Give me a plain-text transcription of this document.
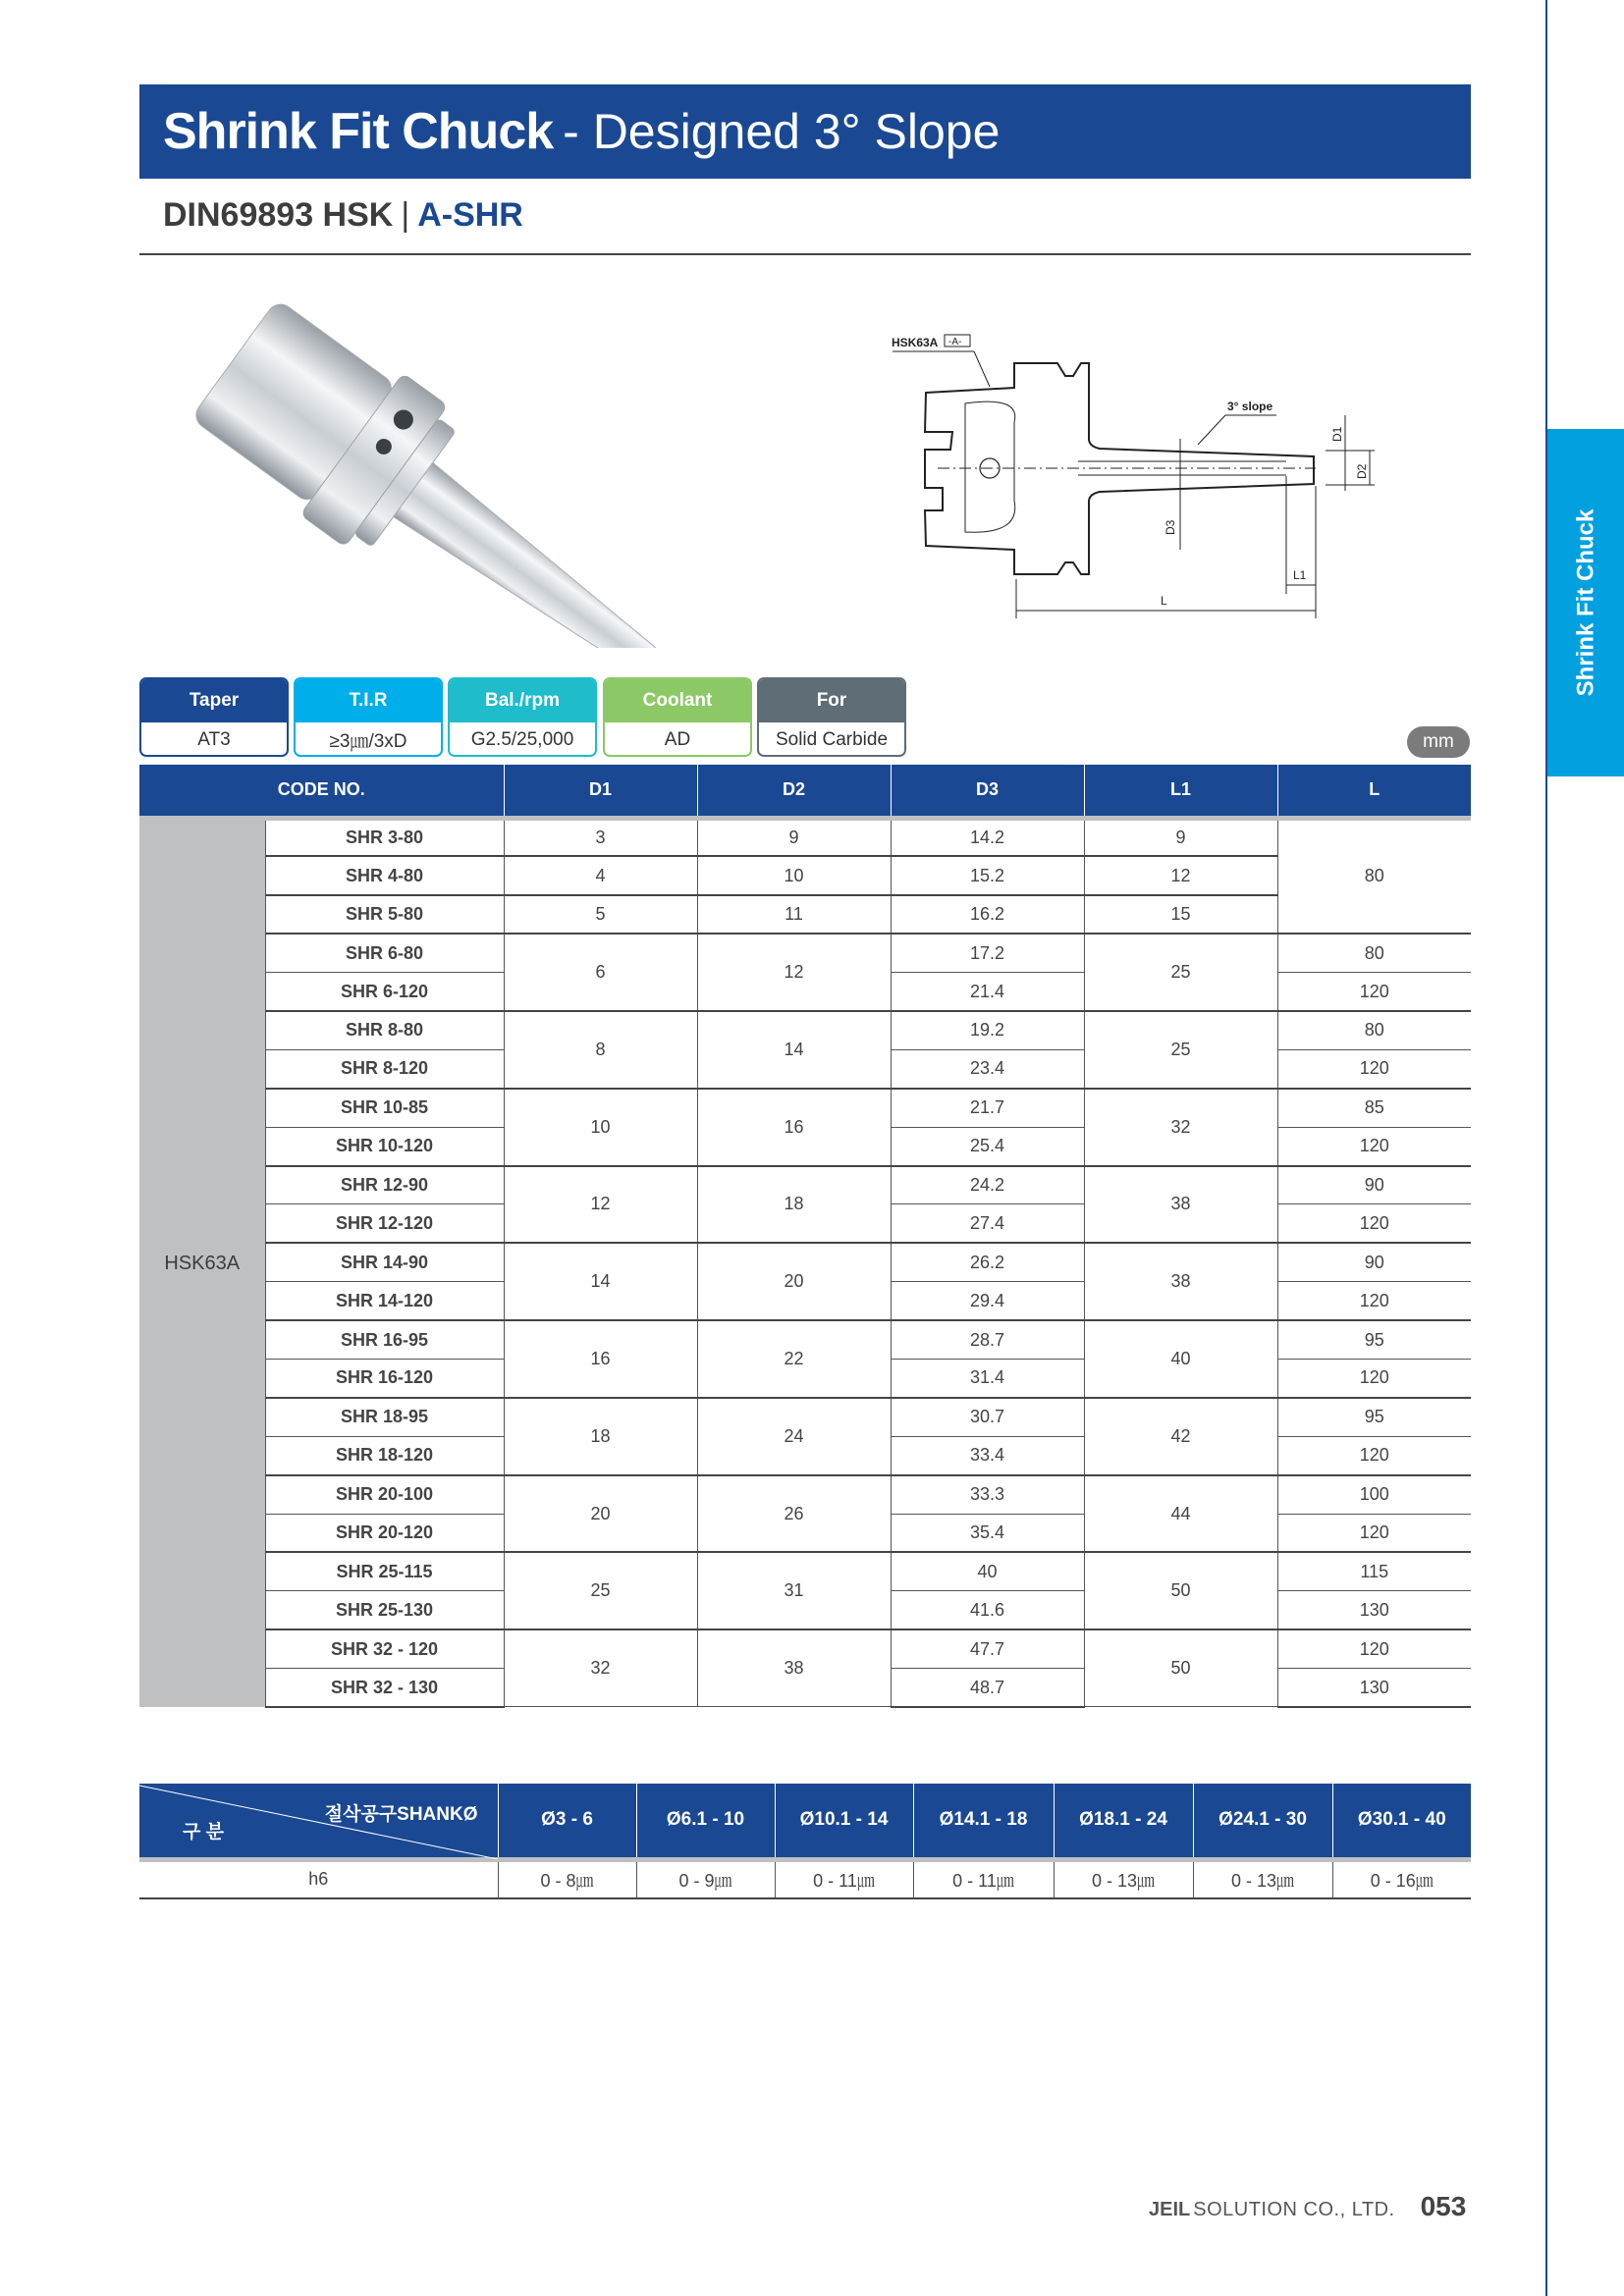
Shrink Fit Chuck
Shrink Fit Chuck - Designed 3° Slope
DIN69893 HSK | A-SHR
HSK63A -A-
D3
3° slope
D1
D2
L1
L
Taper
AT3
T.I.R
≥3㎛/3xD
Bal./rpm
G2.5/25,000
Coolant
AD
For
Solid Carbide	mm
CODE NO.		D1	D2	D3	L1	L
HSK63A	SHR 3-80	3	9	14.2	9	80
	SHR 4-80	4	10	15.2	12	
	SHR 5-80	5	11	16.2	15	
	SHR 6-80	6	12	17.2	25	80
	SHR 6-120			21.4		120
	SHR 8-80	8	14	19.2	25	80
	SHR 8-120			23.4		120
	SHR 10-85	10	16	21.7	32	85
	SHR 10-120			25.4		120
	SHR 12-90	12	18	24.2	38	90
	SHR 12-120			27.4		120
	SHR 14-90	14	20	26.2	38	90
	SHR 14-120			29.4		120
	SHR 16-95	16	22	28.7	40	95
	SHR 16-120			31.4		120
	SHR 18-95	18	24	30.7	42	95
	SHR 18-120			33.4		120
	SHR 20-100	20	26	33.3	44	100
	SHR 20-120			35.4		120
	SHR 25-115	25	31	40	50	115
	SHR 25-130			41.6		130
	SHR 32 - 120	32	38	47.7	50	120
	SHR 32 - 130			48.7		130
절삭공구SHANKØ
구 분	Ø3 - 6	Ø6.1 - 10	Ø10.1 - 14	Ø14.1 - 18	Ø18.1 - 24	Ø24.1 - 30	Ø30.1 - 40
h6	0 - 8㎛	0 - 9㎛	0 - 11㎛	0 - 11㎛	0 - 13㎛	0 - 13㎛	0 - 16㎛
JEIL SOLUTION CO., LTD. 053
